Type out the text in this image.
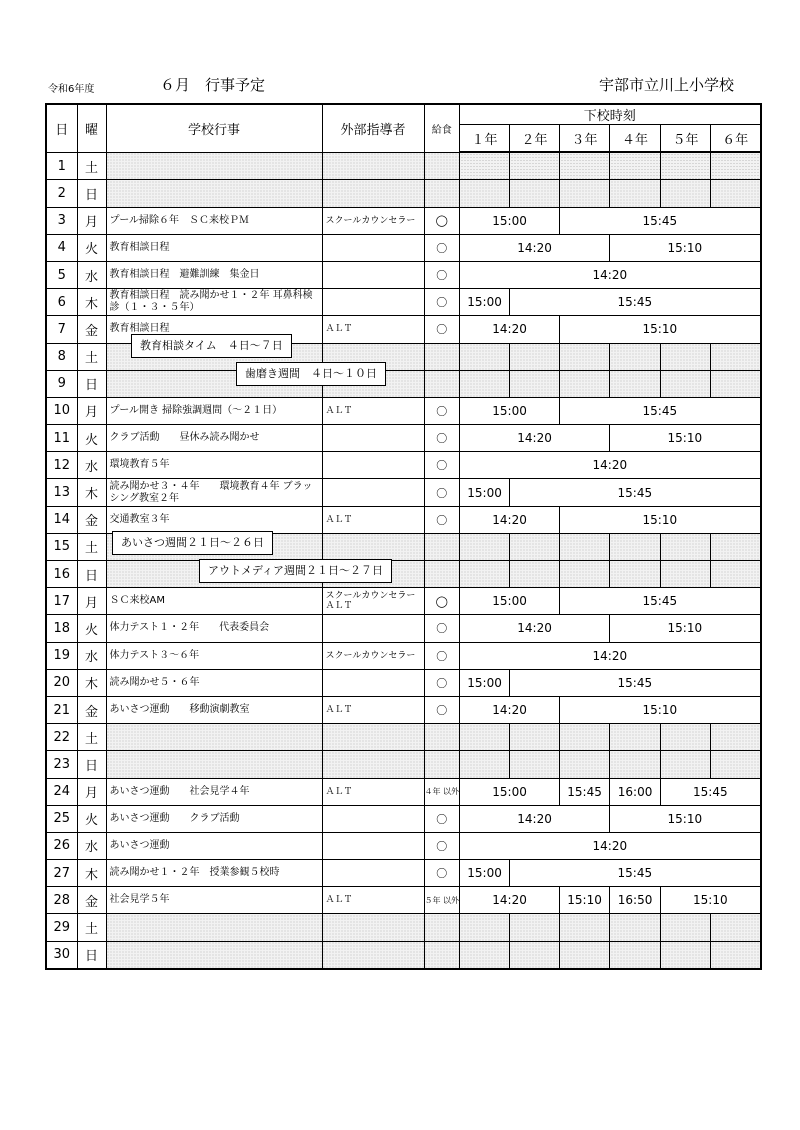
令和6年度	６月　行事予定	宇部市立川上小学校
日	曜	学校行事	外部指導者	給食	下校時刻					
					１年	２年	３年	４年	５年	６年
1	土									
2	日									
3	月	プール掃除６年　ＳＣ来校ＰＭ	スクールカウンセラー	◯	15:00		15:45			
4	火	教育相談日程		〇	14:20			15:10		
5	水	教育相談日程　避難訓練　集金日		〇	14:20					
6	木	教育相談日程　読み聞かせ１・２年 耳鼻科検診（１・３・５年）		〇	15:00	15:45				
7	金	教育相談日程	ＡＬＴ	〇	14:20		15:10			
8	土									
9	日									
10	月	プール開き 掃除強調週間（～２１日）	ＡＬＴ	〇	15:00		15:45			
11	火	クラブ活動　　昼休み読み聞かせ		〇	14:20			15:10		
12	水	環境教育５年		〇	14:20					
13	木	読み聞かせ３・４年　　環境教育４年 ブラッシング教室２年		〇	15:00	15:45				
14	金	交通教室３年	ＡＬＴ	〇	14:20		15:10			
15	土									
16	日									
17	月	ＳＣ来校AM	スクールカウンセラー ＡＬＴ	◯	15:00		15:45			
18	火	体力テスト１・２年　　代表委員会		〇	14:20			15:10		
19	水	体力テスト３～６年	スクールカウンセラー	〇	14:20					
20	木	読み聞かせ５・６年		〇	15:00	15:45				
21	金	あいさつ運動　　移動演劇教室	ＡＬＴ	〇	14:20		15:10			
22	土									
23	日									
24	月	あいさつ運動　　社会見学４年	ＡＬＴ	４年 以外	15:00		15:45	16:00	15:45	
25	火	あいさつ運動　　クラブ活動		〇	14:20			15:10		
26	水	あいさつ運動		〇	14:20					
27	木	読み聞かせ１・２年　授業参観５校時		〇	15:00	15:45				
28	金	社会見学５年	ＡＬＴ	５年 以外	14:20		15:10	16:50	15:10	
29	土									
30	日									
教育相談タイム　４日～７日
歯磨き週間　４日～１０日
あいさつ週間２１日～２６日
アウトメディア週間２１日～２７日
